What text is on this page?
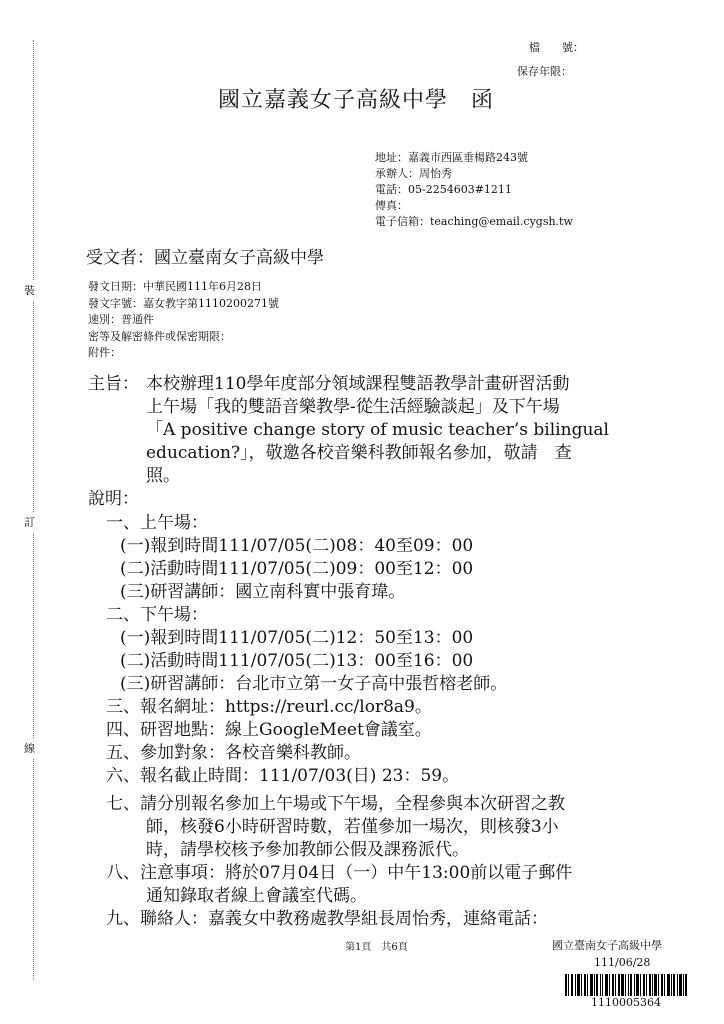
裝
訂
線
檔　　號：
保存年限：
國立嘉義女子高級中學　函
地址：嘉義市西區垂楊路243號
承辦人：周怡秀
電話：05-2254603#1211
傳真：
電子信箱：teaching@email.cygsh.tw
受文者：國立臺南女子高級中學
發文日期：中華民國111年6月28日
發文字號：嘉女教字第1110200271號
速別：普通件
密等及解密條件或保密期限：
附件：
主旨： 本校辦理110學年度部分領域課程雙語教學計畫研習活動
上午場「我的雙語音樂教學-從生活經驗談起」及下午場
「A positive change story of music teacher’s bilingual
education?」，敬邀各校音樂科教師報名參加，敬請　查
照。
說明：
一、上午場：
(一)報到時間111/07/05(二)08：40至09：00
(二)活動時間111/07/05(二)09：00至12：00
(三)研習講師：國立南科實中張育瑋。
二、下午場：
(一)報到時間111/07/05(二)12：50至13：00
(二)活動時間111/07/05(二)13：00至16：00
(三)研習講師：台北市立第一女子高中張哲榕老師。
三、報名網址：https://reurl.cc/lor8a9。
四、研習地點：線上GoogleMeet會議室。
五、參加對象：各校音樂科教師。
六、報名截止時間：111/07/03(日) 23：59。
七、請分別報名參加上午場或下午場，全程參與本次研習之教
師，核發6小時研習時數，若僅參加一場次，則核發3小
時，請學校核予參加教師公假及課務派代。
八、注意事項：將於07月04日（一）中午13:00前以電子郵件
通知錄取者線上會議室代碼。
九、聯絡人：嘉義女中教務處教學組長周怡秀，連絡電話：
第1頁　共6頁	國立臺南女子高級中學
111/06/28
1110005364
